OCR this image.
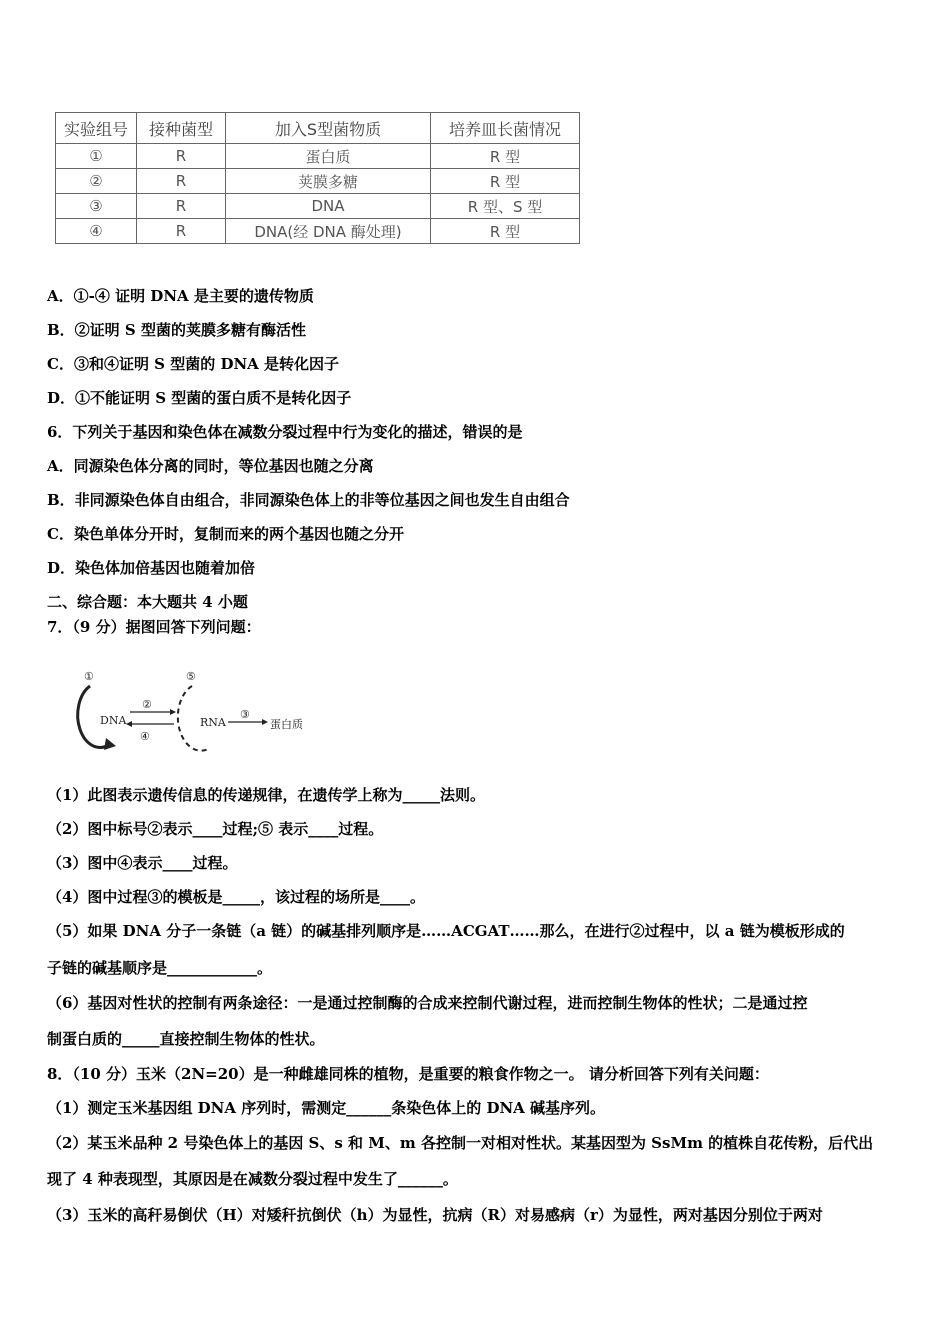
实验组号	接种菌型	加入S型菌物质	培养皿长菌情况
①	R	蛋白质	R 型
②	R	荚膜多糖	R 型
③	R	DNA	R 型、S 型
④	R	DNA(经 DNA 酶处理)	R 型
A．①-④ 证明 DNA 是主要的遗传物质
B．②证明 S 型菌的荚膜多糖有酶活性
C．③和④证明 S 型菌的 DNA 是转化因子
D．①不能证明 S 型菌的蛋白质不是转化因子
6．下列关于基因和染色体在减数分裂过程中行为变化的描述，错误的是
A．同源染色体分离的同时，等位基因也随之分离
B．非同源染色体自由组合，非同源染色体上的非等位基因之间也发生自由组合
C．染色单体分开时，复制而来的两个基因也随之分开
D．染色体加倍基因也随着加倍
二、综合题：本大题共 4 小题
7．（9 分）据图回答下列问题：
①
DNA
②
④
⑤
RNA
③
蛋白质
（1）此图表示遗传信息的传递规律，在遗传学上称为_____法则。
（2）图中标号②表示____过程;⑤ 表示____过程。
（3）图中④表示____过程。
（4）图中过程③的模板是_____，该过程的场所是____。
（5）如果 DNA 分子一条链（a 链）的碱基排列顺序是……ACGAT……那么，在进行②过程中，以 a 链为模板形成的
子链的碱基顺序是____________。
（6）基因对性状的控制有两条途径：一是通过控制酶的合成来控制代谢过程，进而控制生物体的性状；二是通过控
制蛋白质的_____直接控制生物体的性状。
8．（10 分）玉米（2N=20）是一种雌雄同株的植物，是重要的粮食作物之一。 请分析回答下列有关问题：
（1）测定玉米基因组 DNA 序列时，需测定______条染色体上的 DNA 碱基序列。
（2）某玉米品种 2 号染色体上的基因 S、s 和 M、m 各控制一对相对性状。某基因型为 SsMm 的植株自花传粉，后代出
现了 4 种表现型，其原因是在减数分裂过程中发生了______。
（3）玉米的高秆易倒伏（H）对矮秆抗倒伏（h）为显性，抗病（R）对易感病（r）为显性，两对基因分别位于两对
